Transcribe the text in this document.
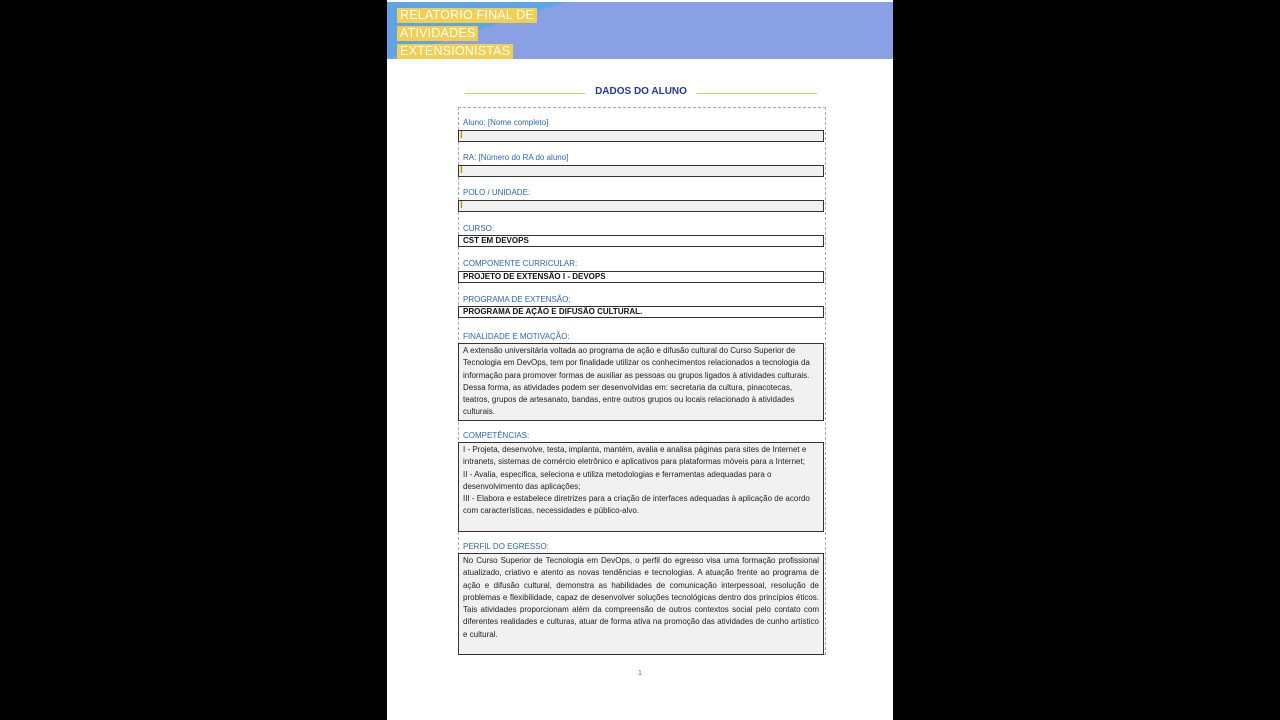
RELATORIO FINAL DE
ATIVIDADES
EXTENSIONISTAS
DADOS DO ALUNO
Aluno: [Nome completo]
I
RA: [Número do RA do aluno]
I
POLO / UNIDADE:
I
CURSO:
CST EM DEVOPS
COMPONENTE CURRICULAR:
PROJETO DE EXTENSÃO I - DEVOPS
PROGRAMA DE EXTENSÃO:
PROGRAMA DE AÇÃO E DIFUSÃO CULTURAL.
FINALIDADE E MOTIVAÇÃO:

A extensão universitária voltada ao programa de ação e difusão cultural do Curso Superior de Tecnologia em DevOps, tem por finalidade utilizar os conhecimentos relacionados a tecnologia da informação para promover formas de auxiliar as pessoas ou grupos ligados à atividades culturais. Dessa forma, as atividades podem ser desenvolvidas em: secretaria da cultura, pinacotecas, teatros, grupos de artesanato, bandas, entre outros grupos ou locais relacionado à atividades culturais.

COMPETÊNCIAS:

I - Projeta, desenvolve, testa, implanta, mantém, avalia e analisa páginas para sites de Internet e intranets, sistemas de comércio eletrônico e aplicativos para plataformas móveis para a Internet;

II - Avalia, especifica, seleciona e utiliza metodologias e ferramentas adequadas para o desenvolvimento das aplicações;

III - Elabora e estabelece diretrizes para a criação de interfaces adequadas à aplicação de acordo com características, necessidades e público-alvo.

PERFIL DO EGRESSO:

No Curso Superior de Tecnologia em DevOps, o perfil do egresso visa uma formação profissional atualizado, criativo e atento as novas tendências e tecnologias. A atuação frente ao programa de ação e difusão cultural, demonstra as habilidades de comunicação interpessoal, resolução de problemas e flexibilidade, capaz de desenvolver soluções tecnológicas dentro dos princípios éticos. Tais atividades proporcionam além da compreensão de outros contextos social pelo contato com diferentes realidades e culturas, atuar de forma ativa na promoção das atividades de cunho artístico e cultural.

1
